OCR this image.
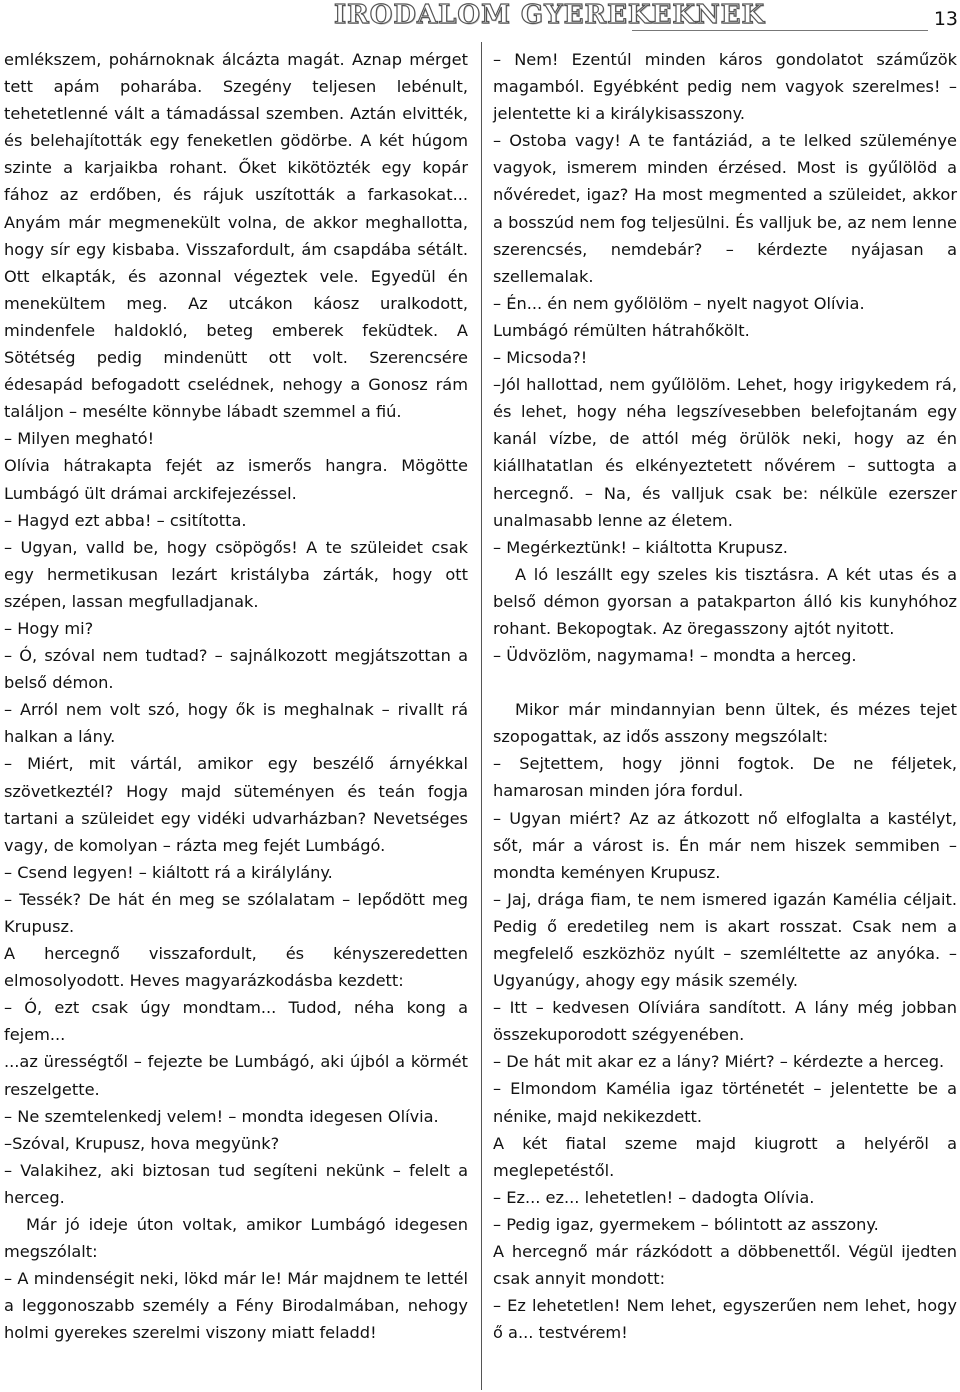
IRODALOM GYEREKEKNEK	13

emlékszem, pohárnoknak álcázta magát. Aznap mérget tett apám poharába. Szegény teljesen lebénult, tehetetlenné vált a támadással szemben. Aztán elvitték, és belehajították egy feneketlen gödörbe. A két húgom szinte a karjaikba rohant. Őket kikötözték egy kopár fához az erdőben, és rájuk uszították a farkasokat... Anyám már megmenekült volna, de akkor meghallotta, hogy sír egy kisbaba. Visszafordult, ám csapdába sétált. Ott elkapták, és azonnal végeztek vele. Egyedül én menekültem meg. Az utcákon káosz uralkodott, mindenfele haldokló, beteg emberek feküdtek. A Sötétség pedig mindenütt ott volt. Szerencsére édesapád befogadott cselédnek, nehogy a Gonosz rám találjon – mesélte könnybe lábadt szemmel a fiú.

– Milyen megható!

Olívia hátrakapta fejét az ismerős hangra. Mögötte Lumbágó ült drámai arckifejezéssel.

– Hagyd ezt abba! – csitította.

– Ugyan, valld be, hogy csöpögős! A te szüleidet csak egy hermetikusan lezárt kristályba zárták, hogy ott szépen, lassan megfulladjanak.

– Hogy mi?

– Ó, szóval nem tudtad? – sajnálkozott megjátszottan a belső démon.

– Arról nem volt szó, hogy ők is meghalnak – rivallt rá halkan a lány.

– Miért, mit vártál, amikor egy beszélő árnyékkal szövetkeztél? Hogy majd süteményen és teán fogja tartani a szüleidet egy vidéki udvarházban? Nevetséges vagy, de komolyan – rázta meg fejét Lumbágó.

– Csend legyen! – kiáltott rá a királylány.

– Tessék? De hát én meg se szólalatam – lepődött meg Krupusz.

A hercegnő visszafordult, és kényszeredetten elmosolyodott. Heves magyarázkodásba kezdett:

– Ó, ezt csak úgy mondtam... Tudod, néha kong a fejem...

...az ürességtől – fejezte be Lumbágó, aki újból a körmét reszelgette.

– Ne szemtelenkedj velem! – mondta idegesen Olívia.

–Szóval, Krupusz, hova megyünk?

– Valakihez, aki biztosan tud segíteni nekünk – felelt a herceg.

Már jó ideje úton voltak, amikor Lumbágó idegesen megszólalt:

– A mindenségit neki, lökd már le! Már majdnem te lettél a leggonoszabb személy a Fény Birodalmában, nehogy holmi gyerekes szerelmi viszony miatt feladd!

– Nem! Ezentúl minden káros gondolatot száműzök magamból. Egyébként pedig nem vagyok szerelmes! –jelentette ki a királykisasszony.

– Ostoba vagy! A te fantáziád, a te lelked szüleménye vagyok, ismerem minden érzésed. Most is gyűlölöd a nővéredet, igaz? Ha most megmented a szüleidet, akkor a bosszúd nem fog teljesülni. És valljuk be, az nem lenne szerencsés, nemdebár? – kérdezte nyájasan a szellemalak.

– Én... én nem győlölöm – nyelt nagyot Olívia.

Lumbágó rémülten hátrahőkölt.

– Micsoda?!

–Jól hallottad, nem gyűlölöm. Lehet, hogy irigykedem rá, és lehet, hogy néha legszívesebben belefojtanám egy kanál vízbe, de attól még örülök neki, hogy az én kiállhatatlan és elkényeztetett nővérem – suttogta a hercegnő. – Na, és valljuk csak be: nélküle ezerszer unalmasabb lenne az életem.

– Megérkeztünk! – kiáltotta Krupusz.

A ló leszállt egy szeles kis tisztásra. A két utas és a belső démon gyorsan a patakparton álló kis kunyhóhoz rohant. Bekopogtak. Az öregasszony ajtót nyitott.

– Üdvözlöm, nagymama! – mondta a herceg.

Mikor már mindannyian benn ültek, és mézes tejet szopogattak, az idős asszony megszólalt:

– Sejtettem, hogy jönni fogtok. De ne féljetek, hamarosan minden jóra fordul.

– Ugyan miért? Az az átkozott nő elfoglalta a kastélyt, sőt, már a várost is. Én már nem hiszek semmiben – mondta keményen Krupusz.

– Jaj, drága fiam, te nem ismered igazán Kamélia céljait. Pedig ő eredetileg nem is akart rosszat. Csak nem a megfelelő eszközhöz nyúlt – szemléltette az anyóka. – Ugyanúgy, ahogy egy másik személy.

– Itt – kedvesen Olíviára sandított. A lány még jobban összekuporodott szégyenében.

– De hát mit akar ez a lány? Miért? – kérdezte a herceg.

– Elmondom Kamélia igaz történetét – jelentette be a nénike, majd nekikezdett.

A két fiatal szeme majd kiugrott a helyérõl a meglepetéstől.

– Ez... ez... lehetetlen! – dadogta Olívia.

– Pedig igaz, gyermekem – bólintott az asszony.

A hercegnő már rázkódott a döbbenettől. Végül ijedten csak annyit mondott:

– Ez lehetetlen! Nem lehet, egyszerűen nem lehet, hogy ő a... testvérem!
